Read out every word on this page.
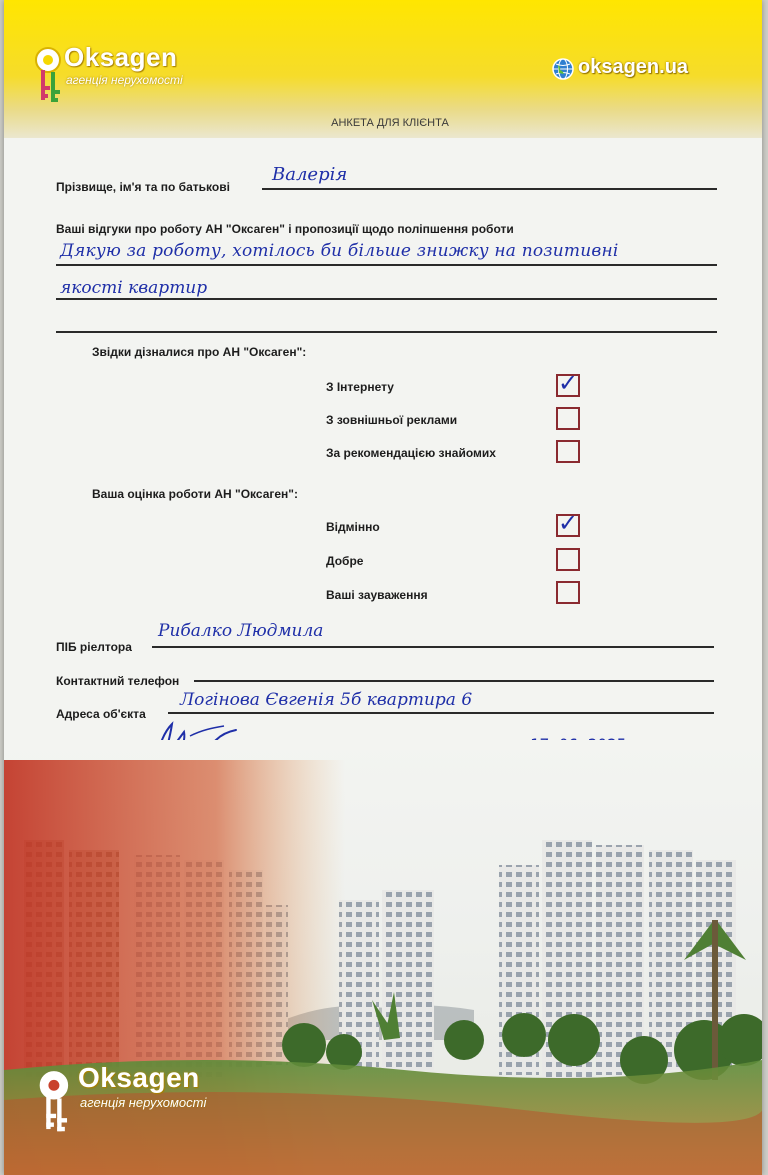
Oksagen
агенція нерухомості
oksagen.ua
АНКЕТА ДЛЯ КЛІЄНТА
Прізвище, ім'я та по батькові
Валерія
Ваші відгуки про роботу АН "Оксаген" і пропозиції щодо поліпшення роботи
Дякую за роботу, хотілось би більше знижку на позитивні
якості квартир
Звідки дізналися про АН "Оксаген":
З Інтернету	✓
З зовнішньої реклами
За рекомендацією знайомих
Ваша оцінка роботи АН "Оксаген":
Відмінно	✓
Добре
Ваші зауваження
ПІБ ріелтора
Рибалко Людмила
Контактний телефон
Адреса об'єкта
Логінова Євгенія 5б квартира 6
Oksagen
агенція нерухомості
